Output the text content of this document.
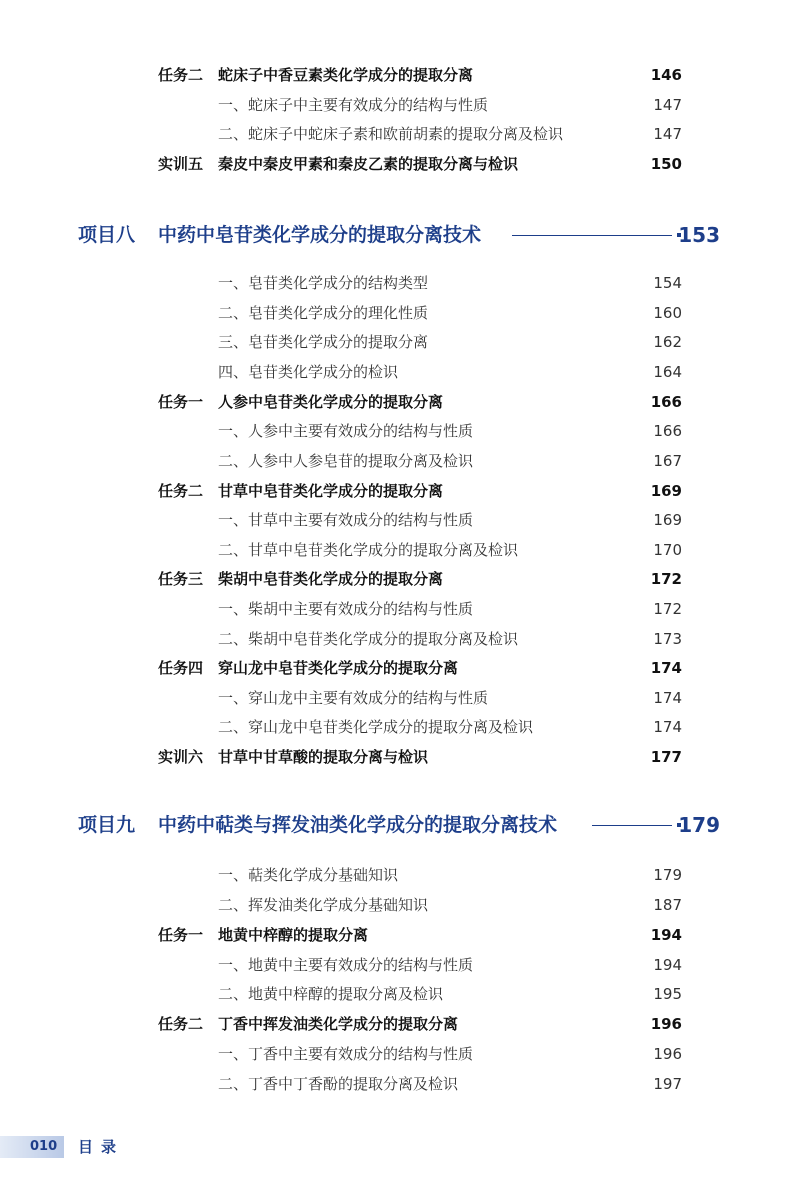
任务二 蛇床子中香豆素类化学成分的提取分离	146
一、蛇床子中主要有效成分的结构与性质	147
二、蛇床子中蛇床子素和欧前胡素的提取分离及检识	147
实训五 秦皮中秦皮甲素和秦皮乙素的提取分离与检识	150
项目八 中药中皂苷类化学成分的提取分离技术	153
一、皂苷类化学成分的结构类型	154
二、皂苷类化学成分的理化性质	160
三、皂苷类化学成分的提取分离	162
四、皂苷类化学成分的检识	164
任务一 人参中皂苷类化学成分的提取分离	166
一、人参中主要有效成分的结构与性质	166
二、人参中人参皂苷的提取分离及检识	167
任务二 甘草中皂苷类化学成分的提取分离	169
一、甘草中主要有效成分的结构与性质	169
二、甘草中皂苷类化学成分的提取分离及检识	170
任务三 柴胡中皂苷类化学成分的提取分离	172
一、柴胡中主要有效成分的结构与性质	172
二、柴胡中皂苷类化学成分的提取分离及检识	173
任务四 穿山龙中皂苷类化学成分的提取分离	174
一、穿山龙中主要有效成分的结构与性质	174
二、穿山龙中皂苷类化学成分的提取分离及检识	174
实训六 甘草中甘草酸的提取分离与检识	177
项目九 中药中萜类与挥发油类化学成分的提取分离技术	179
一、萜类化学成分基础知识	179
二、挥发油类化学成分基础知识	187
任务一 地黄中梓醇的提取分离	194
一、地黄中主要有效成分的结构与性质	194
二、地黄中梓醇的提取分离及检识	195
任务二 丁香中挥发油类化学成分的提取分离	196
一、丁香中主要有效成分的结构与性质	196
二、丁香中丁香酚的提取分离及检识	197
010 目录
